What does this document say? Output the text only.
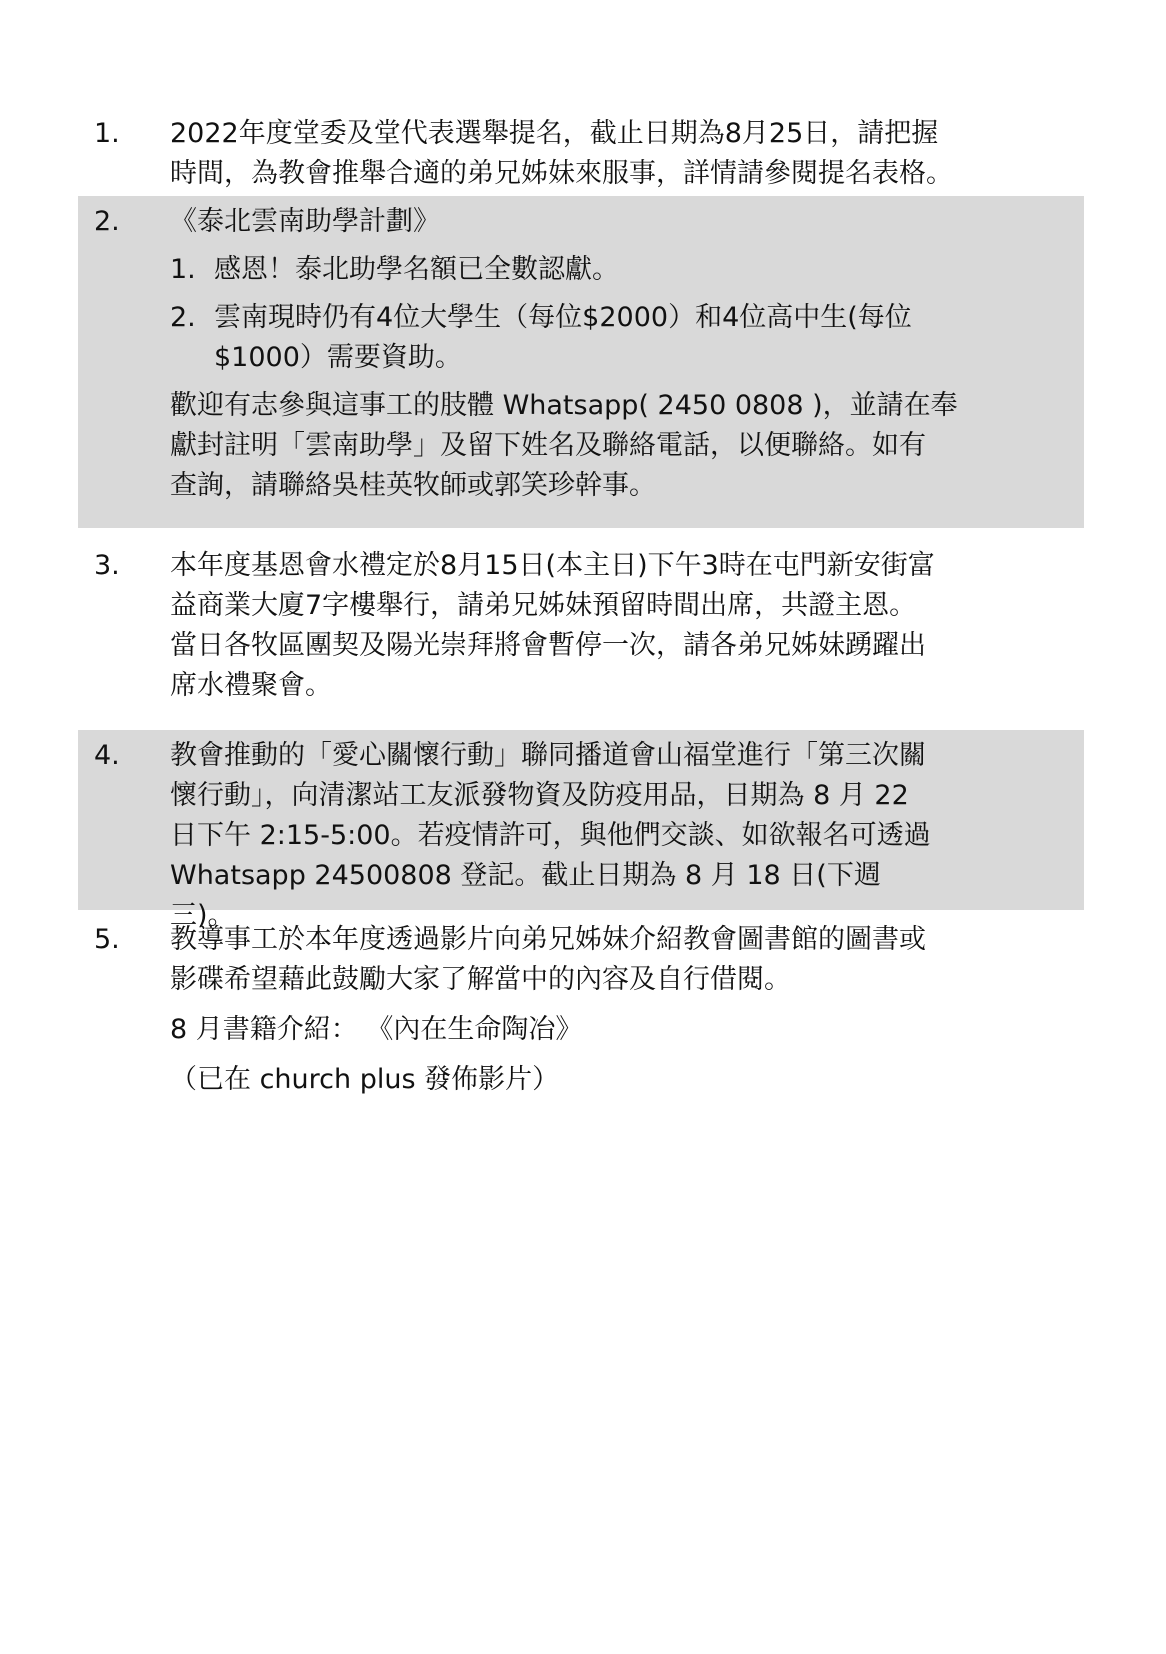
1. 2022年度堂委及堂代表選舉提名，截止日期為8月25日，請把握
時間，為教會推舉合適的弟兄姊妹來服事，詳情請參閱提名表格。
2. 《泰北雲南助學計劃》
1. 感恩！泰北助學名額已全數認獻。
2. 雲南現時仍有4位大學生（每位$2000）和4位高中生(每位
$1000）需要資助。
歡迎有志參與這事工的肢體 Whatsapp( 2450 0808 )，並請在奉
獻封註明「雲南助學」及留下姓名及聯絡電話，以便聯絡。如有
查詢，請聯絡吳桂英牧師或郭笑珍幹事。
3. 本年度基恩會水禮定於8月15日(本主日)下午3時在屯門新安街富
益商業大廈7字樓舉行，請弟兄姊妹預留時間出席，共證主恩。
當日各牧區團契及陽光崇拜將會暫停一次，請各弟兄姊妹踴躍出
席水禮聚會。
4. 教會推動的「愛心關懷行動」聯同播道會山福堂進行「第三次關
懷行動」，向清潔站工友派發物資及防疫用品，日期為 8 月 22
日下午 2:15-5:00。若疫情許可，與他們交談、如欲報名可透過
Whatsapp 24500808 登記。截止日期為 8 月 18 日(下週
三)。
5. 教導事工於本年度透過影片向弟兄姊妹介紹教會圖書館的圖書或
影碟希望藉此鼓勵大家了解當中的內容及自行借閱。
8 月書籍介紹： 《內在生命陶冶》
（已在 church plus 發佈影片）
